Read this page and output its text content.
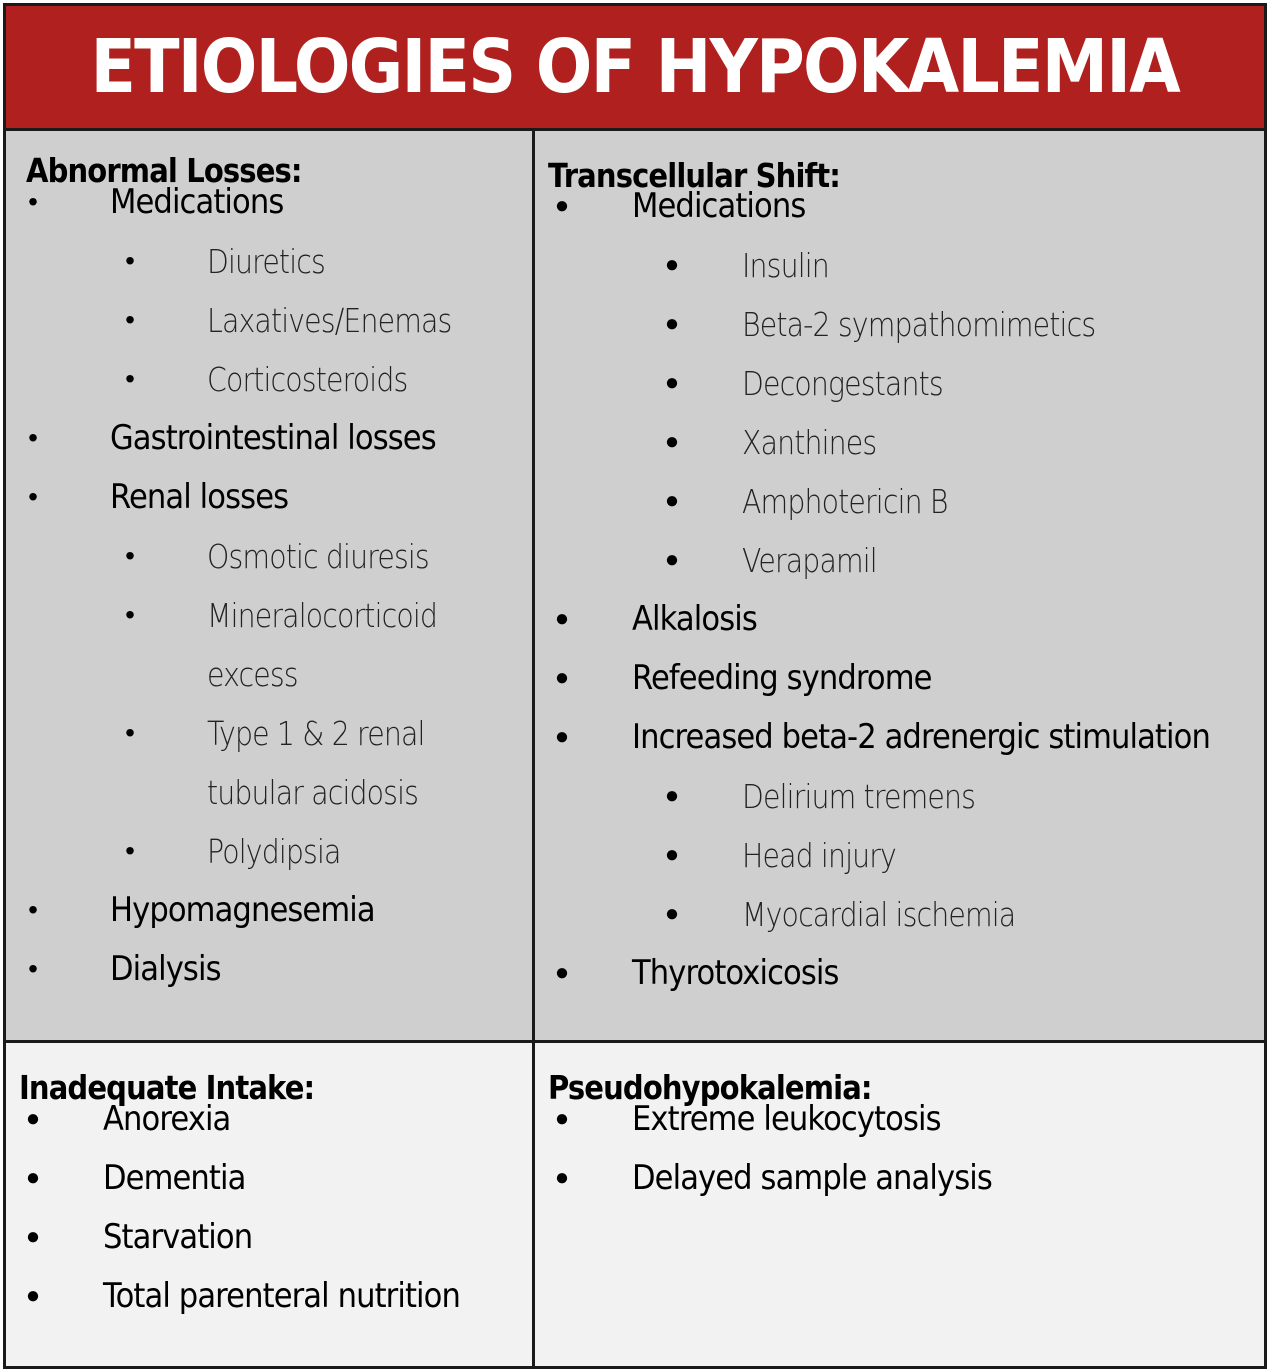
ETIOLOGIES OF HYPOKALEMIA
Abnormal Losses:
• Medications
• Diuretics
• Laxatives/Enemas
• Corticosteroids
• Gastrointestinal losses
• Renal losses
• Osmotic diuresis
• Mineralocorticoid
excess
• Type 1 & 2 renal
tubular acidosis
• Polydipsia
• Hypomagnesemia
• Dialysis
Transcellular Shift:
● Medications
● Insulin
● Beta-2 sympathomimetics
● Decongestants
● Xanthines
● Amphotericin B
● Verapamil
● Alkalosis
● Refeeding syndrome
● Increased beta-2 adrenergic stimulation
● Delirium tremens
● Head injury
● Myocardial ischemia
● Thyrotoxicosis
Inadequate Intake:
● Anorexia
● Dementia
● Starvation
● Total parenteral nutrition
Pseudohypokalemia:
● Extreme leukocytosis
● Delayed sample analysis
